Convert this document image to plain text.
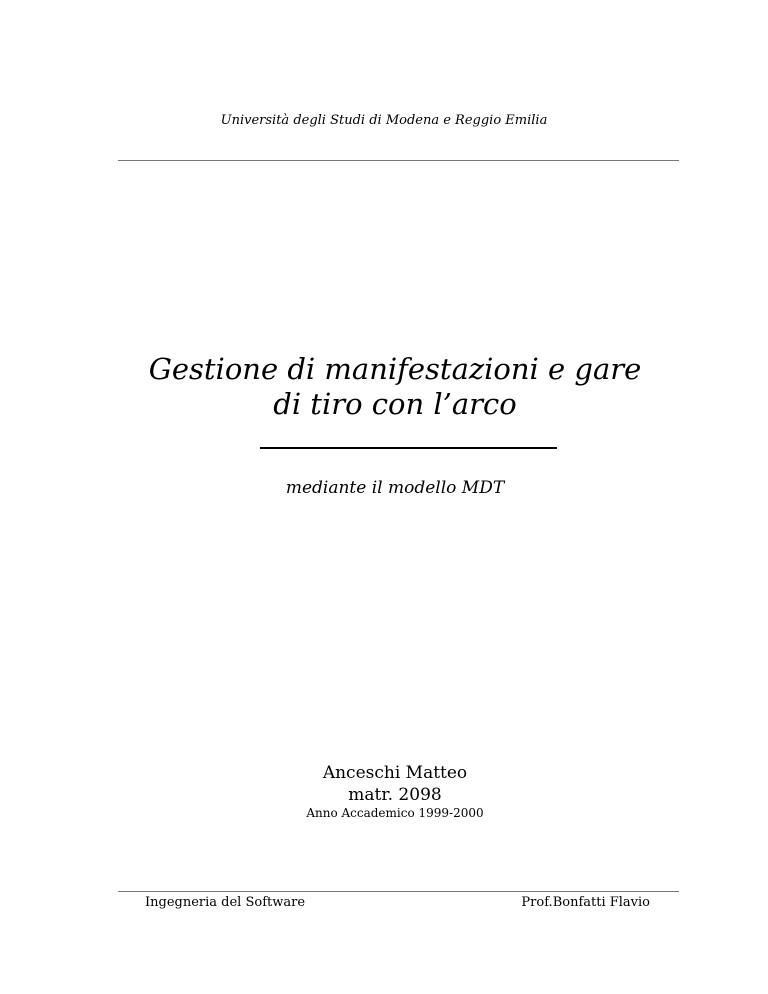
Università degli Studi di Modena e Reggio Emilia
Gestione di manifestazioni e gare
di tiro con l’arco
mediante il modello MDT
Anceschi Matteo
matr. 2098
Anno Accademico 1999-2000
Ingegneria del Software	Prof.Bonfatti Flavio
